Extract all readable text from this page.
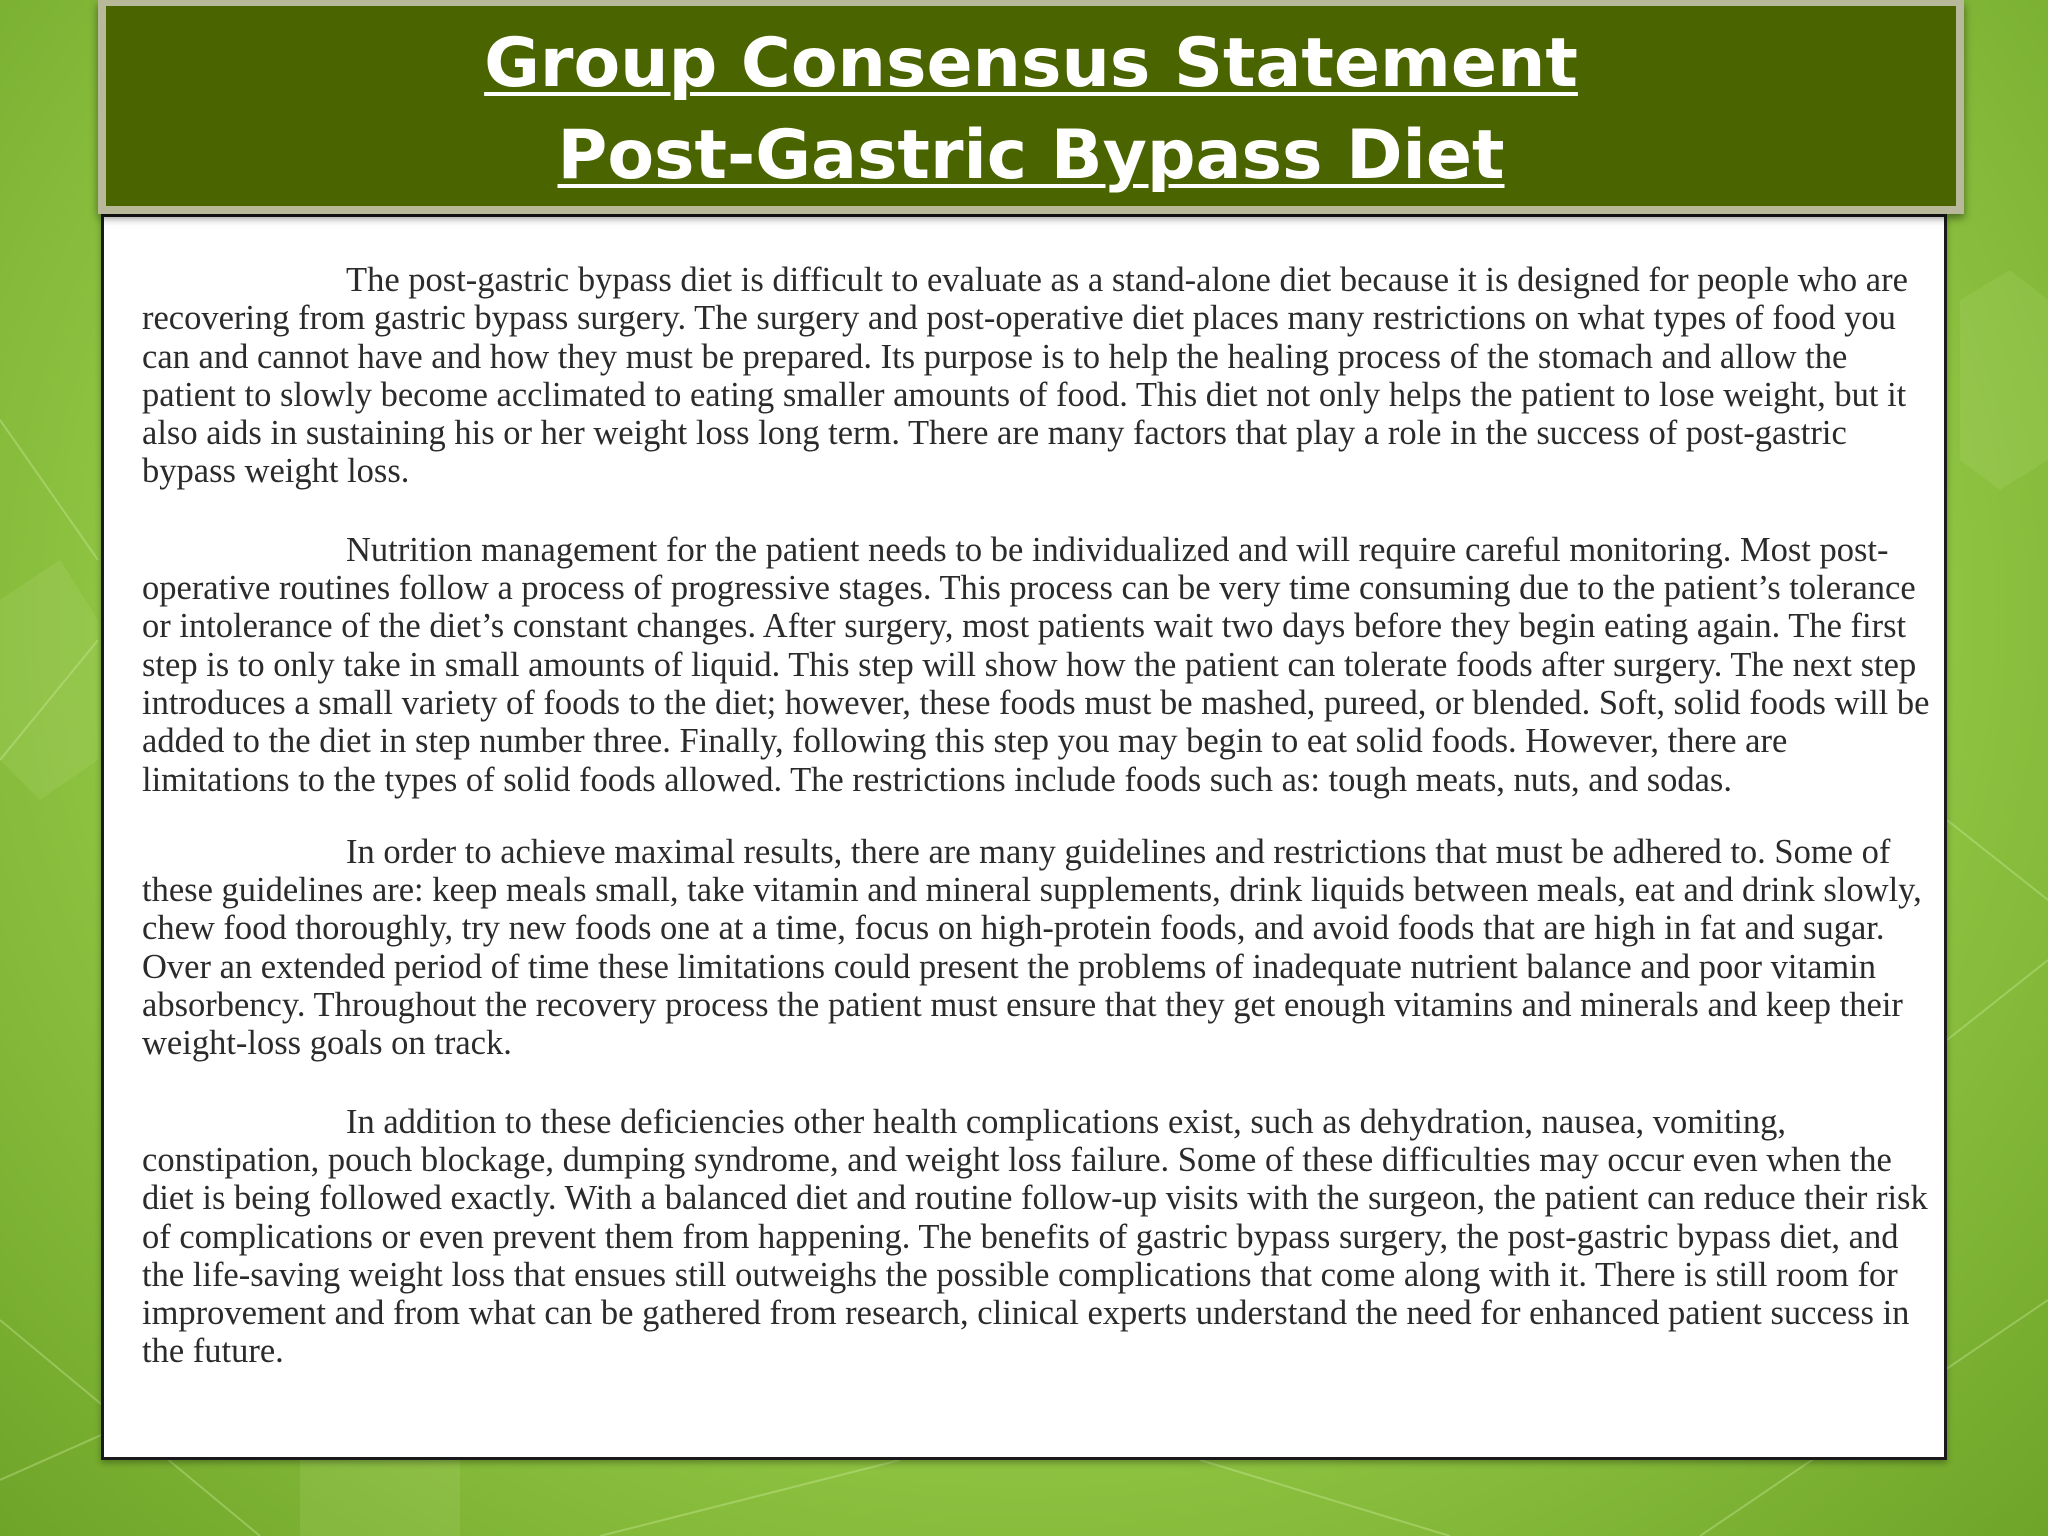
Group Consensus Statement
Post-Gastric Bypass Diet

The post-gastric bypass diet is difficult to evaluate as a stand-alone diet because it is designed for people who are recovering from gastric bypass surgery. The surgery and post-operative diet places many restrictions on what types of food you can and cannot have and how they must be prepared. Its purpose is to help the healing process of the stomach and allow the patient to slowly become acclimated to eating smaller amounts of food. This diet not only helps the patient to lose weight, but it also aids in sustaining his or her weight loss long term. There are many factors that play a role in the success of post-gastric bypass weight loss.

Nutrition management for the patient needs to be individualized and will require careful monitoring. Most post-operative routines follow a process of progressive stages. This process can be very time consuming due to the patient’s tolerance or intolerance of the diet’s constant changes. After surgery, most patients wait two days before they begin eating again. The first step is to only take in small amounts of liquid. This step will show how the patient can tolerate foods after surgery. The next step introduces a small variety of foods to the diet; however, these foods must be mashed, pureed, or blended. Soft, solid foods will be added to the diet in step number three. Finally, following this step you may begin to eat solid foods. However, there are limitations to the types of solid foods allowed. The restrictions include foods such as: tough meats, nuts, and sodas.

In order to achieve maximal results, there are many guidelines and restrictions that must be adhered to. Some of these guidelines are: keep meals small, take vitamin and mineral supplements, drink liquids between meals, eat and drink slowly, chew food thoroughly, try new foods one at a time, focus on high-protein foods, and avoid foods that are high in fat and sugar. Over an extended period of time these limitations could present the problems of inadequate nutrient balance and poor vitamin absorbency. Throughout the recovery process the patient must ensure that they get enough vitamins and minerals and keep their weight-loss goals on track.

In addition to these deficiencies other health complications exist, such as dehydration, nausea, vomiting, constipation, pouch blockage, dumping syndrome, and weight loss failure. Some of these difficulties may occur even when the diet is being followed exactly. With a balanced diet and routine follow-up visits with the surgeon, the patient can reduce their risk of complications or even prevent them from happening. The benefits of gastric bypass surgery, the post-gastric bypass diet, and the life-saving weight loss that ensues still outweighs the possible complications that come along with it. There is still room for improvement and from what can be gathered from research, clinical experts understand the need for enhanced patient success in the future.
